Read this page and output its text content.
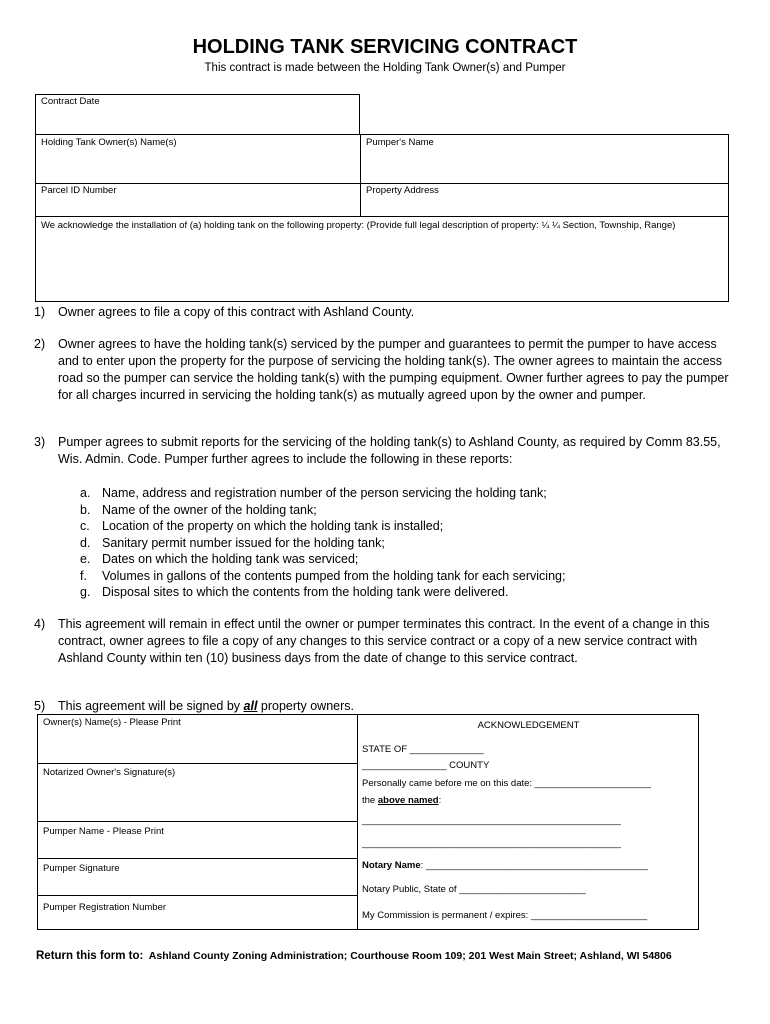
HOLDING TANK SERVICING CONTRACT
This contract is made between the Holding Tank Owner(s) and Pumper
Contract Date
Holding Tank Owner(s) Name(s)	Pumper's Name
Parcel ID Number	Property Address
We acknowledge the installation of (a) holding tank on the following property: (Provide full legal description of property: ¼ ¼ Section, Township, Range)
1) Owner agrees to file a copy of this contract with Ashland County.
2) Owner agrees to have the holding tank(s) serviced by the pumper and guarantees to permit the pumper to have access and to enter upon the property for the purpose of servicing the holding tank(s). The owner agrees to maintain the access road so the pumper can service the holding tank(s) with the pumping equipment. Owner further agrees to pay the pumper for all charges incurred in servicing the holding tank(s) as mutually agreed upon by the owner and pumper.
3) Pumper agrees to submit reports for the servicing of the holding tank(s) to Ashland County, as required by Comm 83.55, Wis. Admin. Code. Pumper further agrees to include the following in these reports:
a. Name, address and registration number of the person servicing the holding tank;
b. Name of the owner of the holding tank;
c. Location of the property on which the holding tank is installed;
d. Sanitary permit number issued for the holding tank;
e. Dates on which the holding tank was serviced;
f. Volumes in gallons of the contents pumped from the holding tank for each servicing;
g. Disposal sites to which the contents from the holding tank were delivered.
4) This agreement will remain in effect until the owner or pumper terminates this contract. In the event of a change in this contract, owner agrees to file a copy of any changes to this service contract or a copy of a new service contract with Ashland County within ten (10) business days from the date of change to this service contract.
5) This agreement will be signed by all property owners.
Owner(s) Name(s) - Please Print
Notarized Owner's Signature(s)
Pumper Name - Please Print
Pumper Signature
Pumper Registration Number
ACKNOWLEDGEMENT
STATE OF ______________
________________ COUNTY
Personally came before me on this date: ______________________
the above named:
_________________________________________________
_________________________________________________
Notary Name: __________________________________________
Notary Public, State of ________________________
My Commission is permanent / expires: ______________________
Return this form to: Ashland County Zoning Administration; Courthouse Room 109; 201 West Main Street; Ashland, WI 54806
